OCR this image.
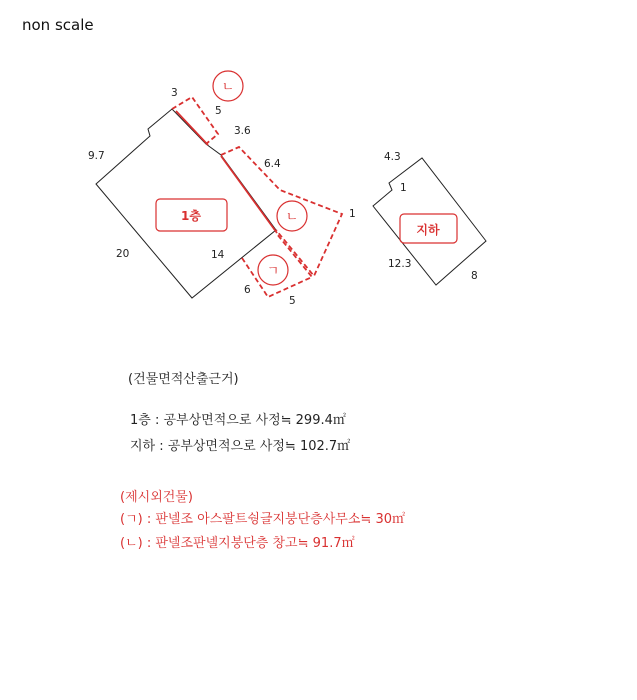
non scale
1층
지하
ㄴ
ㄴ
ㄱ
3
5
3.6
9.7
6.4
1
20	14
6
5
4.3
1
12.3
8
(건물면적산출근거)
1층 : 공부상면적으로 사정≒ 299.4㎡
지하 : 공부상면적으로 사정≒ 102.7㎡
(제시외건물)
(ㄱ) : 판넬조 아스팔트쉉글지붕단층사무소≒ 30㎡
(ㄴ) : 판넬조판넬지붕단층 창고≒ 91.7㎡
